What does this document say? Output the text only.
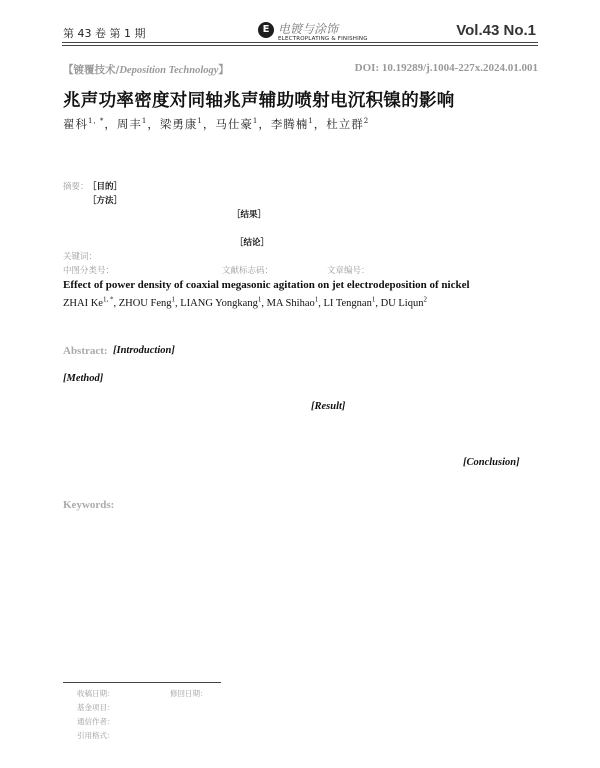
第 43 卷 第 1 期	E 电镀与涂饰
ELECTROPLATING & FINISHING	Vol.43 No.1
【镀覆技术/Deposition Technology】	DOI: 10.19289/j.1004-227x.2024.01.001
兆声功率密度对同轴兆声辅助喷射电沉积镍的影响
翟科$^{1, *}$，周丰$^1$，梁勇康$^1$，马仕豪$^1$，李腾楠$^1$，杜立群$^2$
摘要： ［目的］
［方法］
［结果］
［结论］
关键词：
中图分类号：	文献标志码：	文章编号：
Effect of power density of coaxial megasonic agitation on jet electrodeposition of nickel
ZHAI $Ke^{1, *}$, ZHOU Feng$^1$, LIANG Yongkang$^1$, MA Shihao$^1$, LI Tengnan$^1$, DU Liqun$^2$
Abstract: [Introduction]
[Method]
[Result]
[Conclusion]
Keywords:
收稿日期：	修回日期：
基金项目：
通信作者：
引用格式：
